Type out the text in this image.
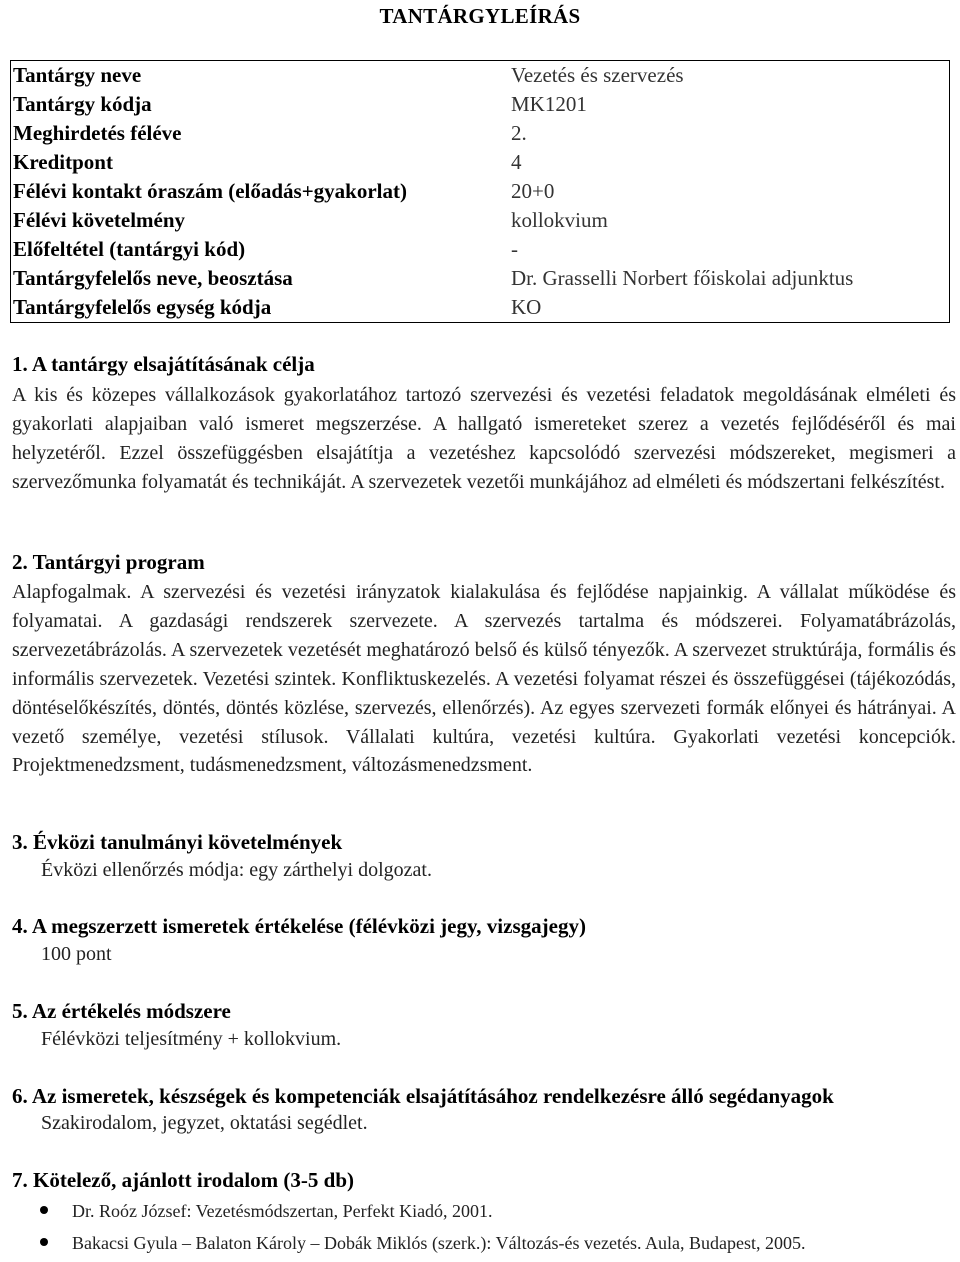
TANTÁRGYLEÍRÁS
Tantárgy neve	Vezetés és szervezés
Tantárgy kódja	MK1201
Meghirdetés féléve	2.
Kreditpont	4
Félévi kontakt óraszám (előadás+gyakorlat)	20+0
Félévi követelmény	kollokvium
Előfeltétel (tantárgyi kód)	-
Tantárgyfelelős neve, beosztása	Dr. Grasselli Norbert főiskolai adjunktus
Tantárgyfelelős egység kódja	KO
1. A tantárgy elsajátításának célja
A kis és közepes vállalkozások gyakorlatához tartozó szervezési és vezetési feladatok megoldásának elméleti és gyakorlati alapjaiban való ismeret megszerzése. A hallgató ismereteket szerez a vezetés fejlődéséről és mai helyzetéről. Ezzel összefüggésben elsajátítja a vezetéshez kapcsolódó szervezési módszereket, megismeri a szervezőmunka folyamatát és technikáját. A szervezetek vezetői munkájához ad elméleti és módszertani felkészítést.
2. Tantárgyi program
Alapfogalmak. A szervezési és vezetési irányzatok kialakulása és fejlődése napjainkig. A vállalat működése és folyamatai. A gazdasági rendszerek szervezete. A szervezés tartalma és módszerei. Folyamatábrázolás, szervezetábrázolás. A szervezetek vezetését meghatározó belső és külső tényezők. A szervezet struktúrája, formális és informális szervezetek. Vezetési szintek. Konfliktuskezelés. A vezetési folyamat részei és összefüggései (tájékozódás, döntéselőkészítés, döntés, döntés közlése, szervezés, ellenőrzés). Az egyes szervezeti formák előnyei és hátrányai. A vezető személye, vezetési stílusok. Vállalati kultúra, vezetési kultúra. Gyakorlati vezetési koncepciók. Projektmenedzsment, tudásmenedzsment, változásmenedzsment.
3. Évközi tanulmányi követelmények
Évközi ellenőrzés módja: egy zárthelyi dolgozat.
4. A megszerzett ismeretek értékelése (félévközi jegy, vizsgajegy)
100 pont
5. Az értékelés módszere
Félévközi teljesítmény + kollokvium.
6. Az ismeretek, készségek és kompetenciák elsajátításához rendelkezésre álló segédanyagok
Szakirodalom, jegyzet, oktatási segédlet.
7. Kötelező, ajánlott irodalom (3-5 db)
Dr. Roóz József: Vezetésmódszertan, Perfekt Kiadó, 2001.
Bakacsi Gyula – Balaton Károly – Dobák Miklós (szerk.): Változás-és vezetés. Aula, Budapest, 2005.
